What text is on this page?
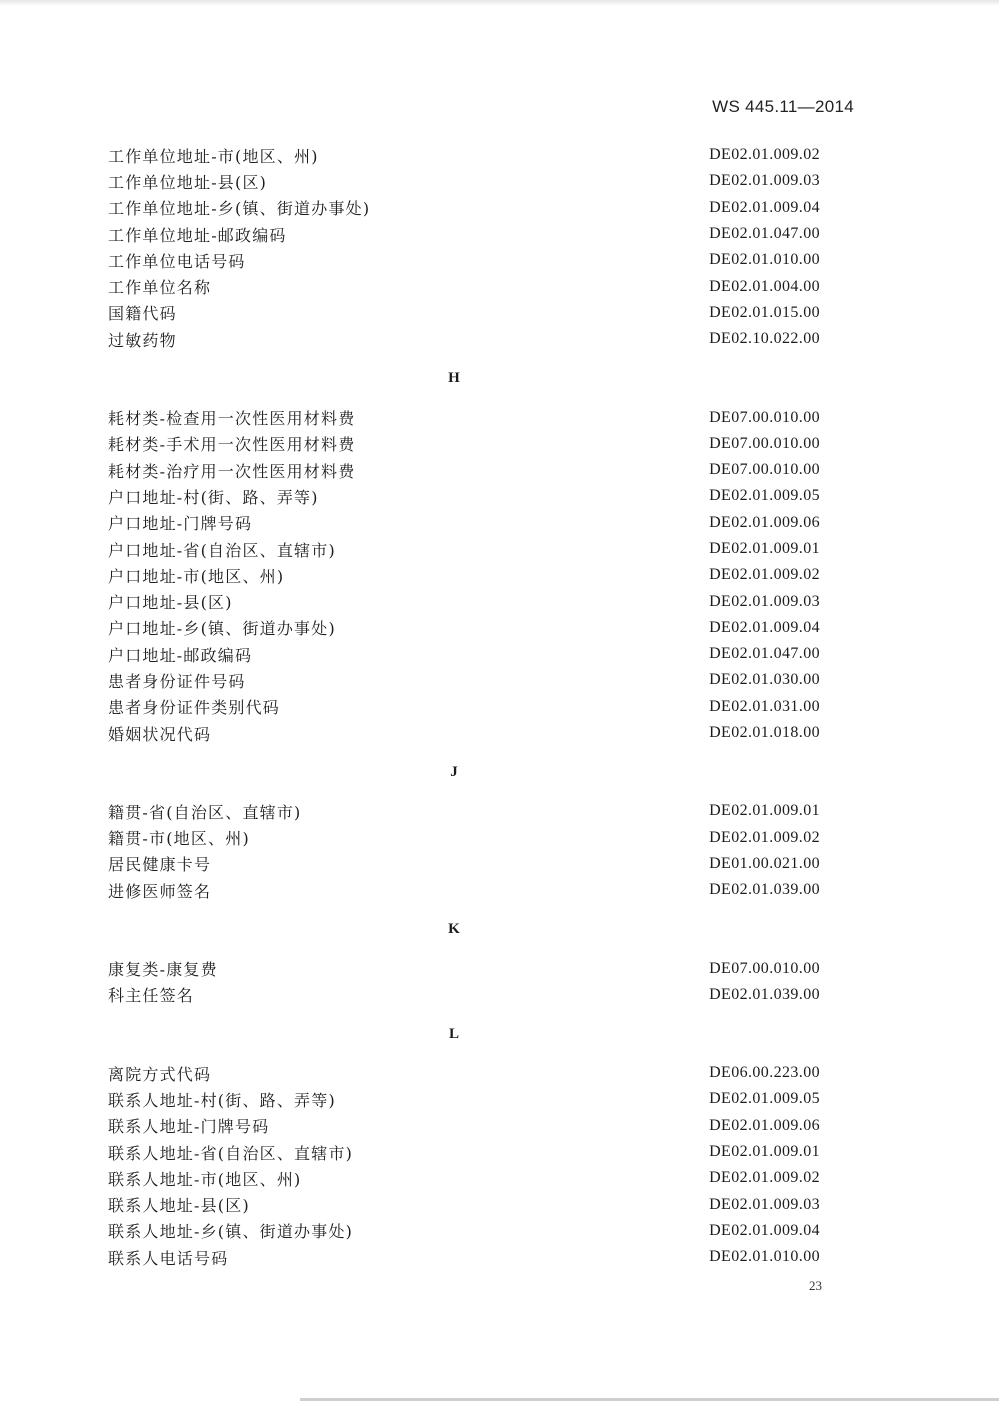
WS 445.11—2014
工作单位地址-市(地区、州)	DE02.01.009.02
工作单位地址-县(区)	DE02.01.009.03
工作单位地址-乡(镇、街道办事处)	DE02.01.009.04
工作单位地址-邮政编码	DE02.01.047.00
工作单位电话号码	DE02.01.010.00
工作单位名称	DE02.01.004.00
国籍代码	DE02.01.015.00
过敏药物	DE02.10.022.00
H
耗材类-检查用一次性医用材料费	DE07.00.010.00
耗材类-手术用一次性医用材料费	DE07.00.010.00
耗材类-治疗用一次性医用材料费	DE07.00.010.00
户口地址-村(街、路、弄等)	DE02.01.009.05
户口地址-门牌号码	DE02.01.009.06
户口地址-省(自治区、直辖市)	DE02.01.009.01
户口地址-市(地区、州)	DE02.01.009.02
户口地址-县(区)	DE02.01.009.03
户口地址-乡(镇、街道办事处)	DE02.01.009.04
户口地址-邮政编码	DE02.01.047.00
患者身份证件号码	DE02.01.030.00
患者身份证件类别代码	DE02.01.031.00
婚姻状况代码	DE02.01.018.00
J
籍贯-省(自治区、直辖市)	DE02.01.009.01
籍贯-市(地区、州)	DE02.01.009.02
居民健康卡号	DE01.00.021.00
进修医师签名	DE02.01.039.00
K
康复类-康复费	DE07.00.010.00
科主任签名	DE02.01.039.00
L
离院方式代码	DE06.00.223.00
联系人地址-村(街、路、弄等)	DE02.01.009.05
联系人地址-门牌号码	DE02.01.009.06
联系人地址-省(自治区、直辖市)	DE02.01.009.01
联系人地址-市(地区、州)	DE02.01.009.02
联系人地址-县(区)	DE02.01.009.03
联系人地址-乡(镇、街道办事处)	DE02.01.009.04
联系人电话号码	DE02.01.010.00
23
